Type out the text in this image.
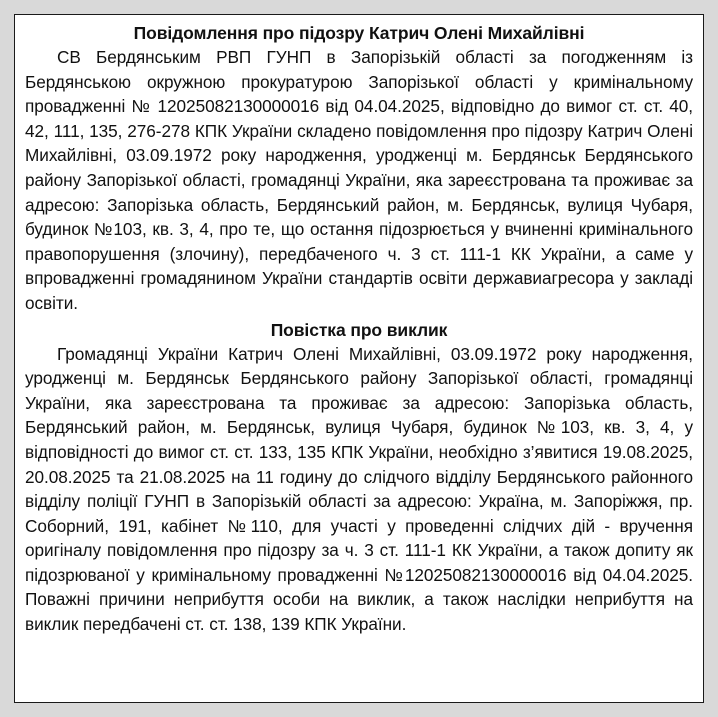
Повідомлення про підозру Катрич Олені Михайлівні

СВ Бердянським РВП ГУНП в Запорізькій області за погодженням із Бердянською окружною прокуратурою Запорізької області у кримінальному провадженні № 12025082130000016 від 04.04.2025, відповідно до вимог ст. ст. 40, 42, 111, 135, 276-278 КПК України складено повідомлення про підозру Катрич Олені Михайлівні, 03.09.1972 року народження, уродженці м. Бердянськ Бердянського району Запорізької області, громадянці України, яка зареєстрована та проживає за адресою: Запорізька область, Бердянський район, м. Бердянськ, вулиця Чубаря, будинок №103, кв. 3, 4, про те, що остання підозрюється у вчиненні кримінального правопорушення (злочину), передбаченого ч. 3 ст. 111-1 КК України, а саме у впровадженні громадянином України стандартів освіти державиагресора у закладі освіти.

Повістка про виклик

Громадянці України Катрич Олені Михайлівні, 03.09.1972 року народження, уродженці м. Бердянськ Бердянського району Запорізької області, громадянці України, яка зареєстрована та проживає за адресою: Запорізька область, Бердянський район, м. Бердянськ, вулиця Чубаря, будинок №103, кв. 3, 4, у відповідності до вимог ст. ст. 133, 135 КПК України, необхідно з’явитися 19.08.2025, 20.08.2025 та 21.08.2025 на 11 годину до слідчого відділу Бердянського районного відділу поліції ГУНП в Запорізькій області за адресою: Україна, м. Запоріжжя, пр. Соборний, 191, кабінет №110, для участі у проведенні слідчих дій - вручення оригіналу повідомлення про підозру за ч. 3 ст. 111-1 КК України, а також допиту як підозрюваної у кримінальному провадженні №12025082130000016 від 04.04.2025. Поважні причини неприбуття особи на виклик, а також наслідки неприбуття на виклик передбачені ст. ст. 138, 139 КПК України.
